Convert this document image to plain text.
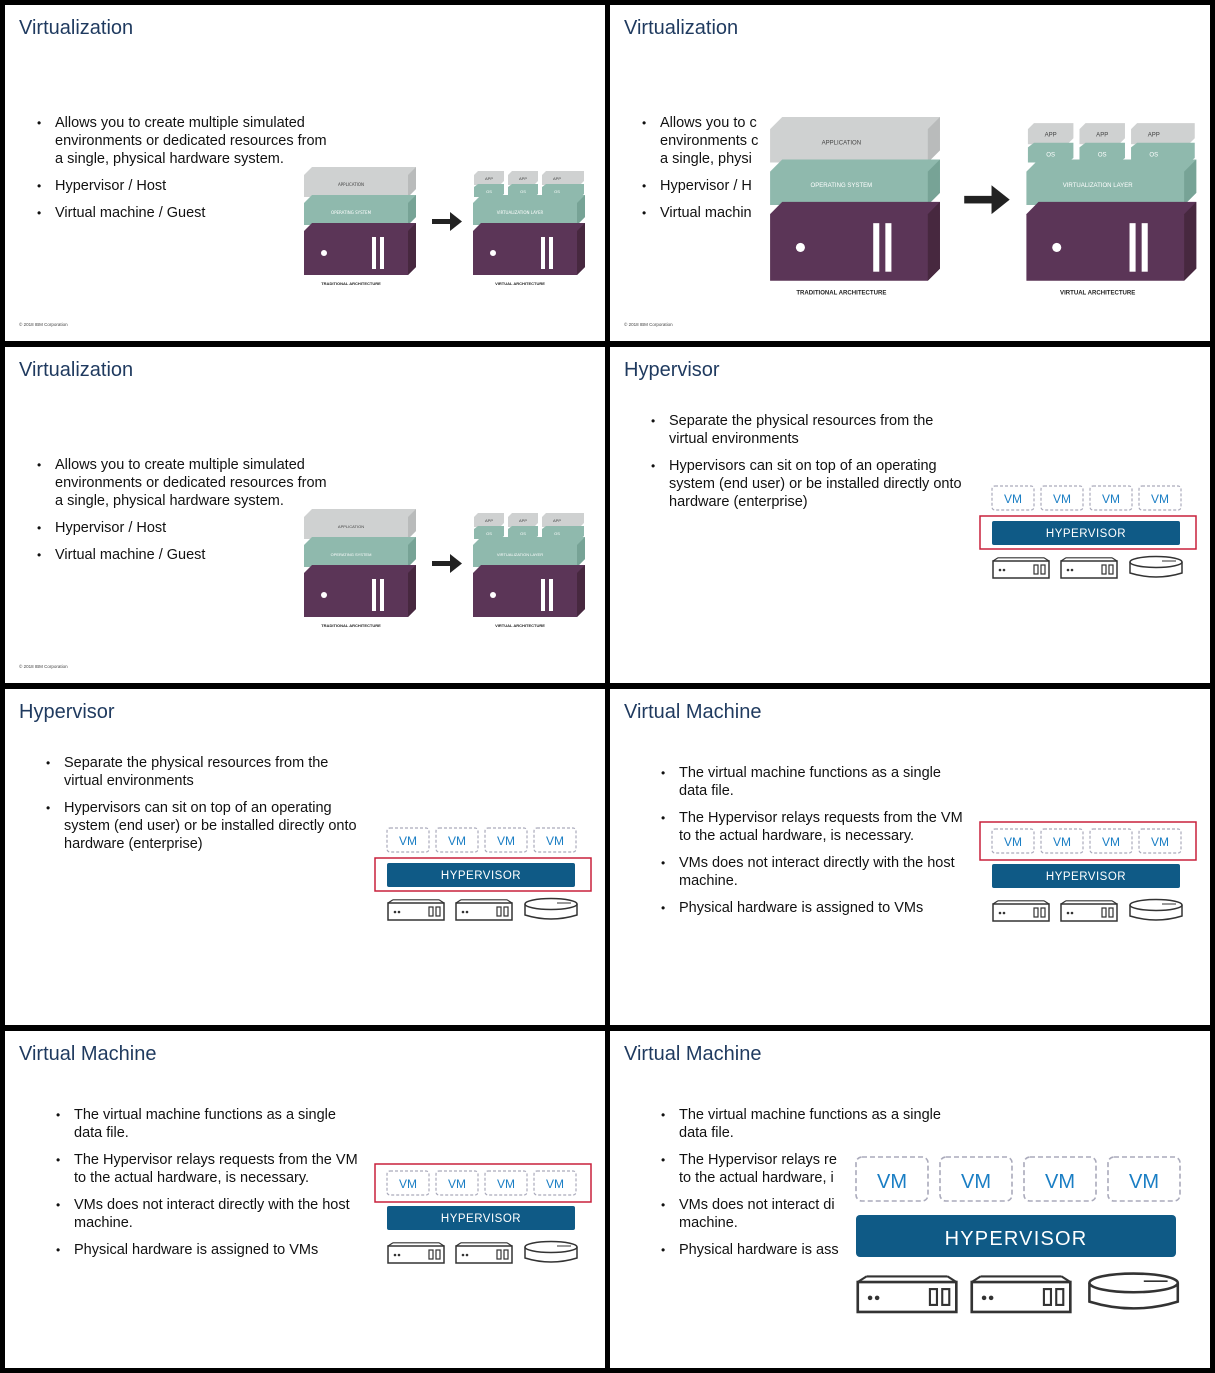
Virtualization
• Allows you to create multiple simulated
environments or dedicated resources from
a single, physical hardware system.
• Hypervisor / Host
• Virtual machine / Guest
APPLICATION
OPERATING SYSTEM	VIRTUALIZATION LAYER
APP	APP	APP
OS	OS	OS
TRADITIONAL ARCHITECTURE	VIRTUAL ARCHITECTURE
© 2018 IBM Corporation
Virtualization
• Allows you to c
environments c
a single, physi
• Hypervisor / H
• Virtual machin
APPLICATION
OPERATING SYSTEM	VIRTUALIZATION LAYER
APP	APP	APP
OS	OS	OS
TRADITIONAL ARCHITECTURE	VIRTUAL ARCHITECTURE
© 2018 IBM Corporation
Virtualization
• Allows you to create multiple simulated
environments or dedicated resources from
a single, physical hardware system.
• Hypervisor / Host
• Virtual machine / Guest
APPLICATION
OPERATING SYSTEM	VIRTUALIZATION LAYER
APP	APP	APP
OS	OS	OS
TRADITIONAL ARCHITECTURE	VIRTUAL ARCHITECTURE
© 2018 IBM Corporation
Hypervisor
• Separate the physical resources from the
virtual environments
• Hypervisors can sit on top of an operating
system (end user) or be installed directly onto
hardware (enterprise)	VM	VM	VM	VM
HYPERVISOR
Hypervisor
• Separate the physical resources from the
virtual environments
• Hypervisors can sit on top of an operating
system (end user) or be installed directly onto
hardware (enterprise)	VM	VM	VM	VM
HYPERVISOR
Virtual Machine
• The virtual machine functions as a single
data file.
• The Hypervisor relays requests from the VM
to the actual hardware, is necessary.
• VMs does not interact directly with the host
machine.
• Physical hardware is assigned to VMs
VM	VM	VM	VM
HYPERVISOR
Virtual Machine
• The virtual machine functions as a single
data file.
• The Hypervisor relays requests from the VM
to the actual hardware, is necessary.
• VMs does not interact directly with the host
machine.
• Physical hardware is assigned to VMs
VM	VM	VM	VM
HYPERVISOR
Virtual Machine
• The virtual machine functions as a single
data file.
• The Hypervisor relays re
to the actual hardware, i
• VMs does not interact di
machine.
• Physical hardware is ass
VM	VM	VM	VM
HYPERVISOR
